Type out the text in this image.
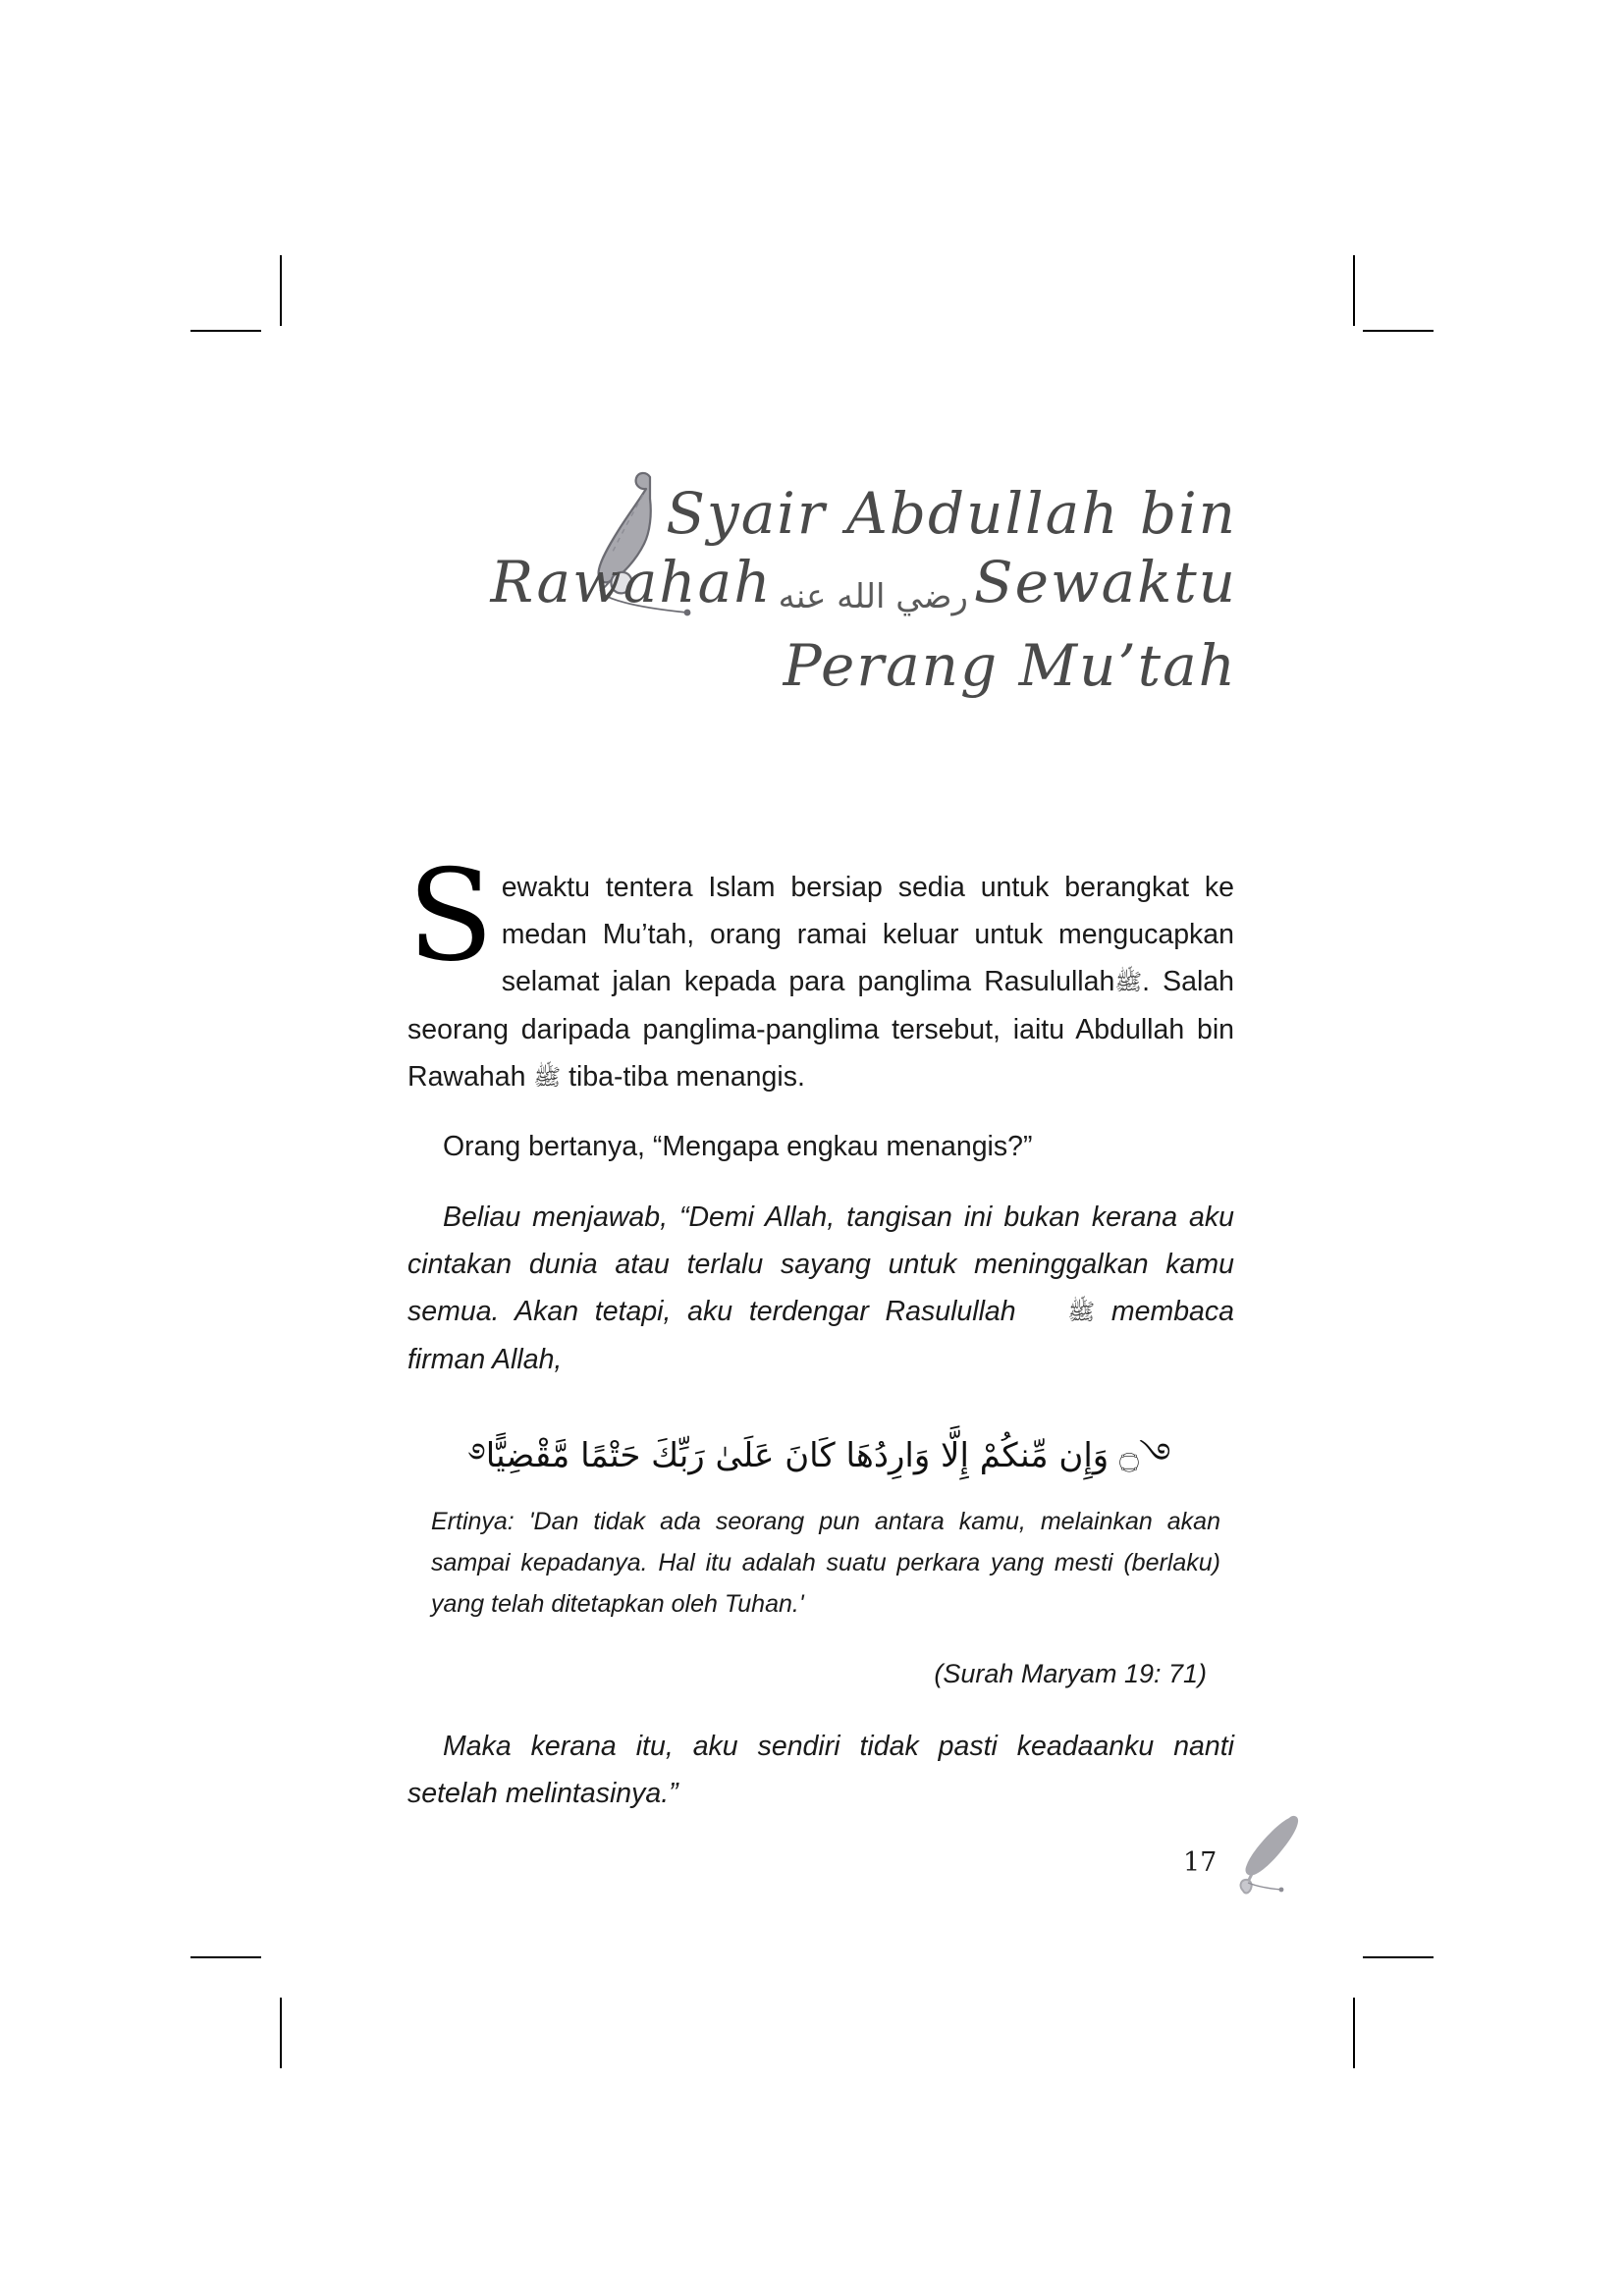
Syair Abdullah bin
Rawahah رضي الله عنه Sewaktu
Perang Mu’tah
Sewaktu tentera Islam bersiap sedia untuk berangkat ke medan Mu’tah, orang ramai keluar untuk mengucapkan selamat jalan kepada para panglima Rasulullahﷺ. Salah seorang daripada panglima-panglima tersebut, iaitu Abdullah bin Rawahah ﷺ tiba-tiba menangis.

Orang bertanya, “Mengapa engkau menangis?”

Beliau menjawab, “Demi Allah, tangisan ini bukan kerana aku cintakan dunia atau terlalu sayang untuk meninggalkan kamu semua. Akan tetapi, aku terdengar Rasulullah ﷺ membaca firman Allah,

࿓۝ وَإِن مِّنكُمْ إِلَّا وَارِدُهَا كَانَ عَلَىٰ رَبِّكَ حَتْمًا مَّقْضِيًّا࿔

Ertinya: 'Dan tidak ada seorang pun antara kamu, melainkan akan sampai kepadanya. Hal itu adalah suatu perkara yang mesti (berlaku) yang telah ditetapkan oleh Tuhan.'

(Surah Maryam 19: 71)

Maka kerana itu, aku sendiri tidak pasti keadaanku nanti setelah melintasinya.”

17
